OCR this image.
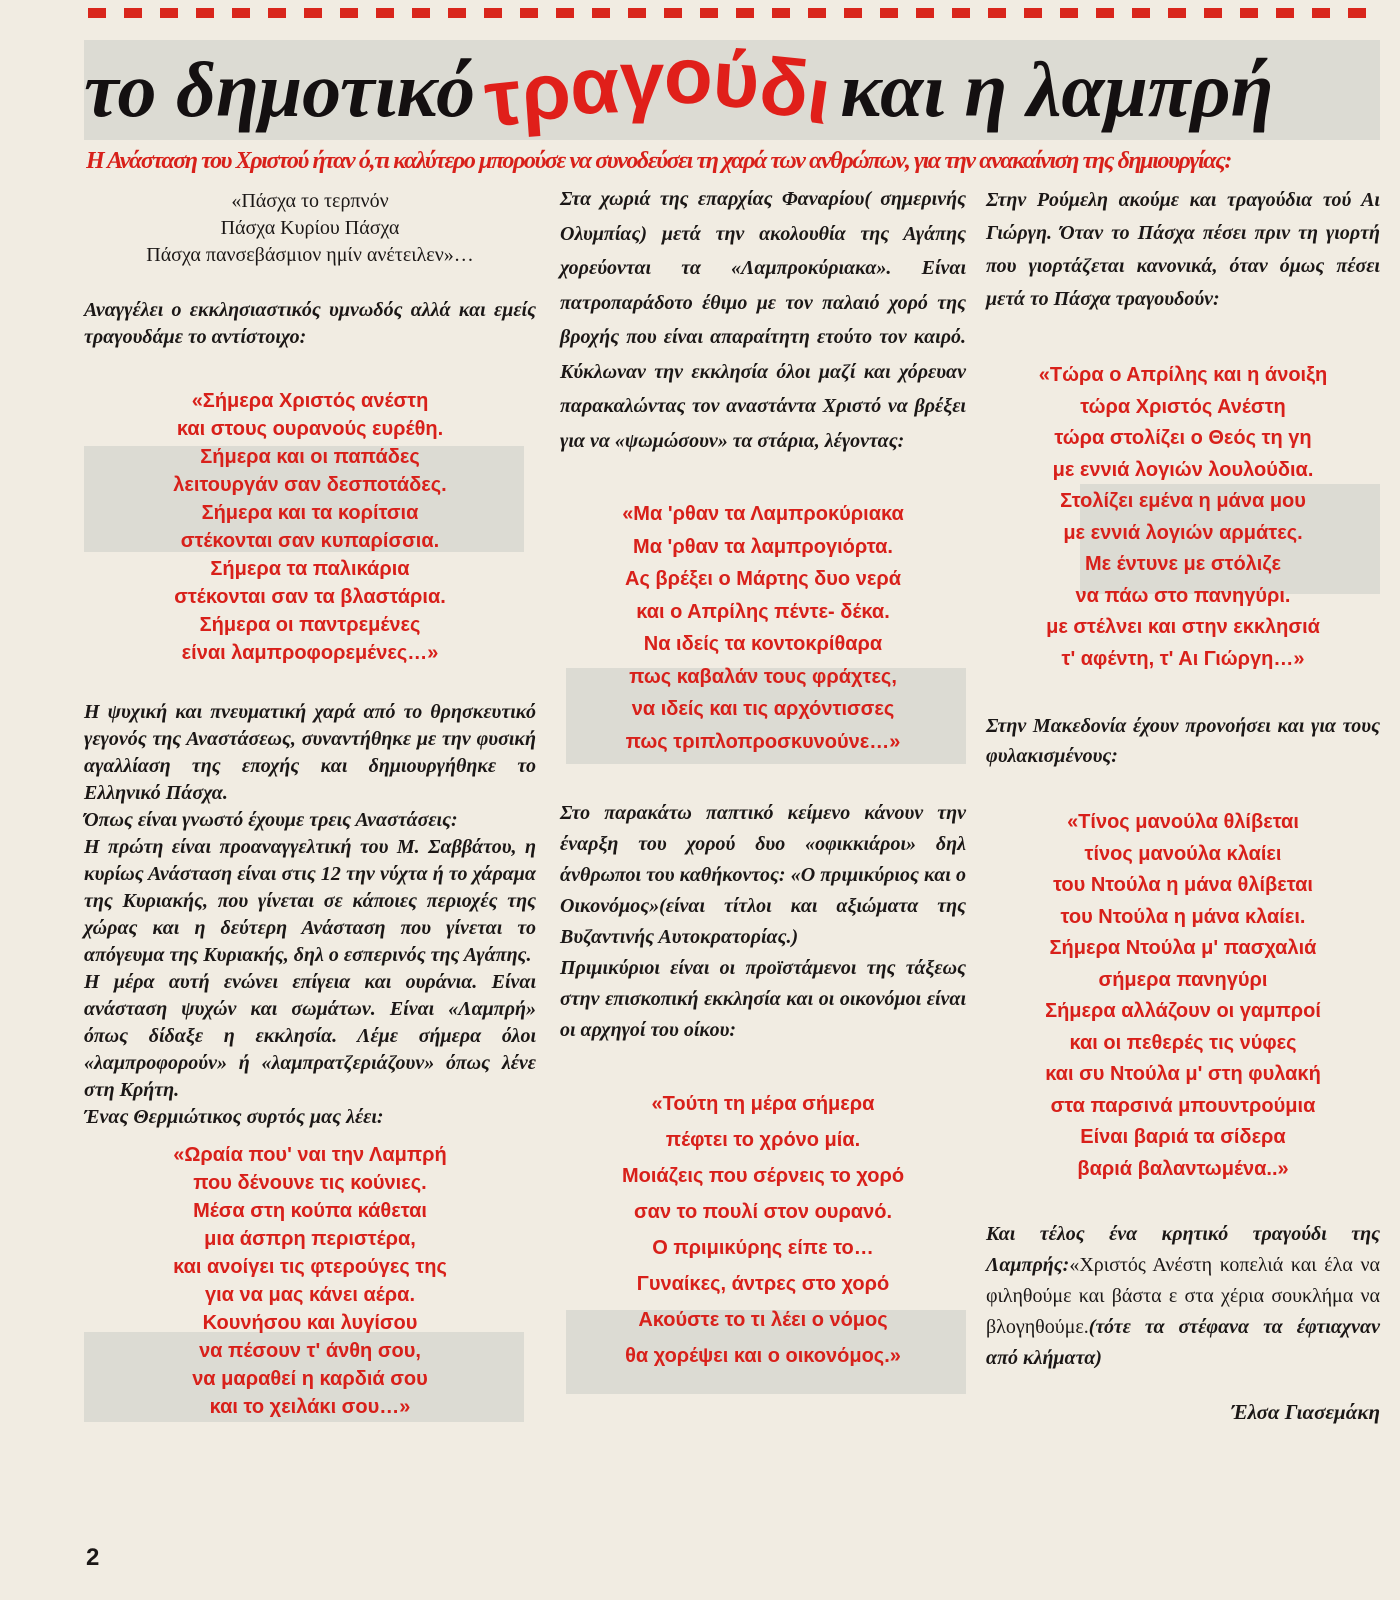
το δημοτικό τραγούδι και η λαμπρή
Η Ανάσταση του Χριστού ήταν ό,τι καλύτερο μπορούσε να συνοδεύσει τη χαρά των ανθρώπων, για την ανακαίνιση της δημιουργίας:
«Πάσχα το τερπνόν
Πάσχα Κυρίου Πάσχα
Πάσχα πανσεβάσμιον ημίν ανέτειλεν»…

Αναγγέλει ο εκκλησιαστικός υμνωδός αλλά και εμείς τραγουδάμε το αντίστοιχο:

«Σήμερα Χριστός ανέστη
και στους ουρανούς ευρέθη.
Σήμερα και οι παπάδες
λειτουργάν σαν δεσποτάδες.
Σήμερα και τα κορίτσια
στέκονται σαν κυπαρίσσια.
Σήμερα τα παλικάρια
στέκονται σαν τα βλαστάρια.
Σήμερα οι παντρεμένες
είναι λαμπροφορεμένες…»

Η ψυχική και πνευματική χαρά από το θρησκευτικό γεγονός της Αναστάσεως, συναντήθηκε με την φυσική αγαλλίαση της εποχής και δημιουργήθηκε το Ελληνικό Πάσχα.

Όπως είναι γνωστό έχουμε τρεις Αναστάσεις:

Η πρώτη είναι προαναγγελτική του Μ. Σαββάτου, η κυρίως Ανάσταση είναι στις 12 την νύχτα ή το χάραμα της Κυριακής, που γίνεται σε κάποιες περιοχές της χώρας και η δεύτερη Ανάσταση που γίνεται το απόγευμα της Κυριακής, δηλ ο εσπερινός της Αγάπης.

Η μέρα αυτή ενώνει επίγεια και ουράνια. Είναι ανάσταση ψυχών και σωμάτων. Είναι «Λαμπρή» όπως δίδαξε η εκκλησία. Λέμε σήμερα όλοι «λαμπροφορούν» ή «λαμπρατζεριάζουν» όπως λένε στη Κρήτη.

Ένας Θερμιώτικος συρτός μας λέει:

«Ωραία που' ναι την Λαμπρή
που δένουνε τις κούνιες.
Μέσα στη κούπα κάθεται
μια άσπρη περιστέρα,
και ανοίγει τις φτερούγες της
για να μας κάνει αέρα.
Κουνήσου και λυγίσου
να πέσουν τ' άνθη σου,
να μαραθεί η καρδιά σου
και το χειλάκι σου…»

Στα χωριά της επαρχίας Φαναρίου( σημερινής Ολυμπίας) μετά την ακολουθία της Αγάπης χορεύονται τα «Λαμπροκύριακα». Είναι πατροπαράδοτο έθιμο με τον παλαιό χορό της βροχής που είναι απαραίτητη ετούτο τον καιρό. Κύκλωναν την εκκλησία όλοι μαζί και χόρευαν παρακαλώντας τον αναστάντα Χριστό να βρέξει για να «ψωμώσουν» τα στάρια, λέγοντας:

«Μα 'ρθαν τα Λαμπροκύριακα
Μα 'ρθαν τα λαμπρογιόρτα.
Ας βρέξει ο Μάρτης δυο νερά
και ο Απρίλης πέντε- δέκα.
Να ιδείς τα κοντοκρίθαρα
πως καβαλάν τους φράχτες,
να ιδείς και τις αρχόντισσες
πως τριπλοπροσκυνούνε…»

Στο παρακάτω παπτικό κείμενο κάνουν την έναρξη του χορού δυο «οφικκιάροι» δηλ άνθρωποι του καθήκοντος: «Ο πριμικύριος και ο Οικονόμος»(είναι τίτλοι και αξιώματα της Βυζαντινής Αυτοκρατορίας.)

Πριμικύριοι είναι οι προϊστάμενοι της τάξεως στην επισκοπική εκκλησία και οι οικονόμοι είναι οι αρχηγοί του οίκου:

«Τούτη τη μέρα σήμερα
πέφτει το χρόνο μία.
Μοιάζεις που σέρνεις το χορό
σαν το πουλί στον ουρανό.
Ο πριμικύρης είπε το…
Γυναίκες, άντρες στο χορό
Ακούστε το τι λέει ο νόμος
θα χορέψει και ο οικονόμος.»

Στην Ρούμελη ακούμε και τραγούδια τού Αι Γιώργη. Όταν το Πάσχα πέσει πριν τη γιορτή που γιορτάζεται κανονικά, όταν όμως πέσει μετά το Πάσχα τραγουδούν:

«Τώρα ο Απρίλης και η άνοιξη
τώρα Χριστός Ανέστη
τώρα στολίζει ο Θεός τη γη
με εννιά λογιών λουλούδια.
Στολίζει εμένα η μάνα μου
με εννιά λογιών αρμάτες.
Με έντυνε με στόλιζε
να πάω στο πανηγύρι.
με στέλνει και στην εκκλησιά
τ' αφέντη, τ' Αι Γιώργη…»

Στην Μακεδονία έχουν προνοήσει και για τους φυλακισμένους:

«Τίνος μανούλα θλίβεται
τίνος μανούλα κλαίει
του Ντούλα η μάνα θλίβεται
του Ντούλα η μάνα κλαίει.
Σήμερα Ντούλα μ' πασχαλιά
σήμερα πανηγύρι
Σήμερα αλλάζουν οι γαμπροί
και οι πεθερές τις νύφες
και συ Ντούλα μ' στη φυλακή
στα παρσινά μπουντρούμια
Είναι βαριά τα σίδερα
βαριά βαλαντωμένα..»

Και τέλος ένα κρητικό τραγούδι της Λαμπρής:«Χριστός Ανέστη κοπελιά και έλα να φιληθούμε και βάστα ε στα χέρια σουκλήμα να βλογηθούμε.(τότε τα στέφανα τα έφτιαχναν από κλήματα)

Έλσα Γιασεμάκη

2
